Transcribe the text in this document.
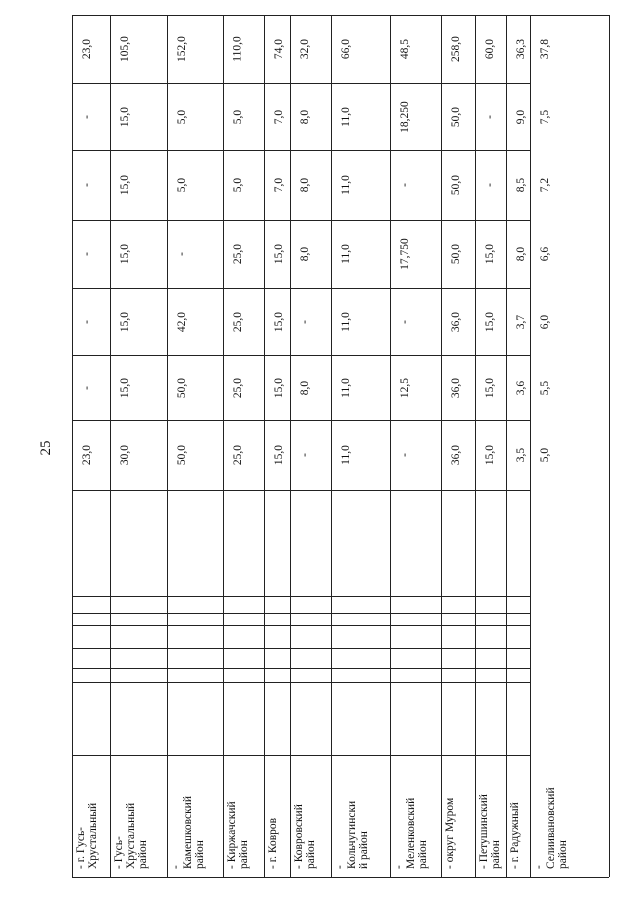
25
- г. Гусь-
Хрустальный
23,0
-
-
-
-
-
23,0
- Гусь-
Хрустальный
район
30,0
15,0
15,0
15,0
15,0
15,0
105,0
-
Камешковский
район
50,0
50,0
42,0
-
5,0
5,0
152,0
- Киржачский
район
25,0
25,0
25,0
25,0
5,0
5,0
110,0
- г. Ковров
15,0
15,0
15,0
15,0
7,0
7,0
74,0
- Ковровский
район
-
8,0
-
8,0
8,0
8,0
32,0
-
Кольчугински
й район
11,0
11,0
11,0
11,0
11,0
11,0
66,0
-
Меленковский
район
-
12,5
-
17,750
-
18,250
48,5
- округ Муром
36,0
36,0
36,0
50,0
50,0
50,0
258,0
- Петушинский
район
15,0
15,0
15,0
15,0
-
-
60,0
- г. Радужный
3,5
3,6
3,7
8,0
8,5
9,0
36,3
-
Селиивановский
район
5,0
5,5
6,0
6,6
7,2
7,5
37,8
